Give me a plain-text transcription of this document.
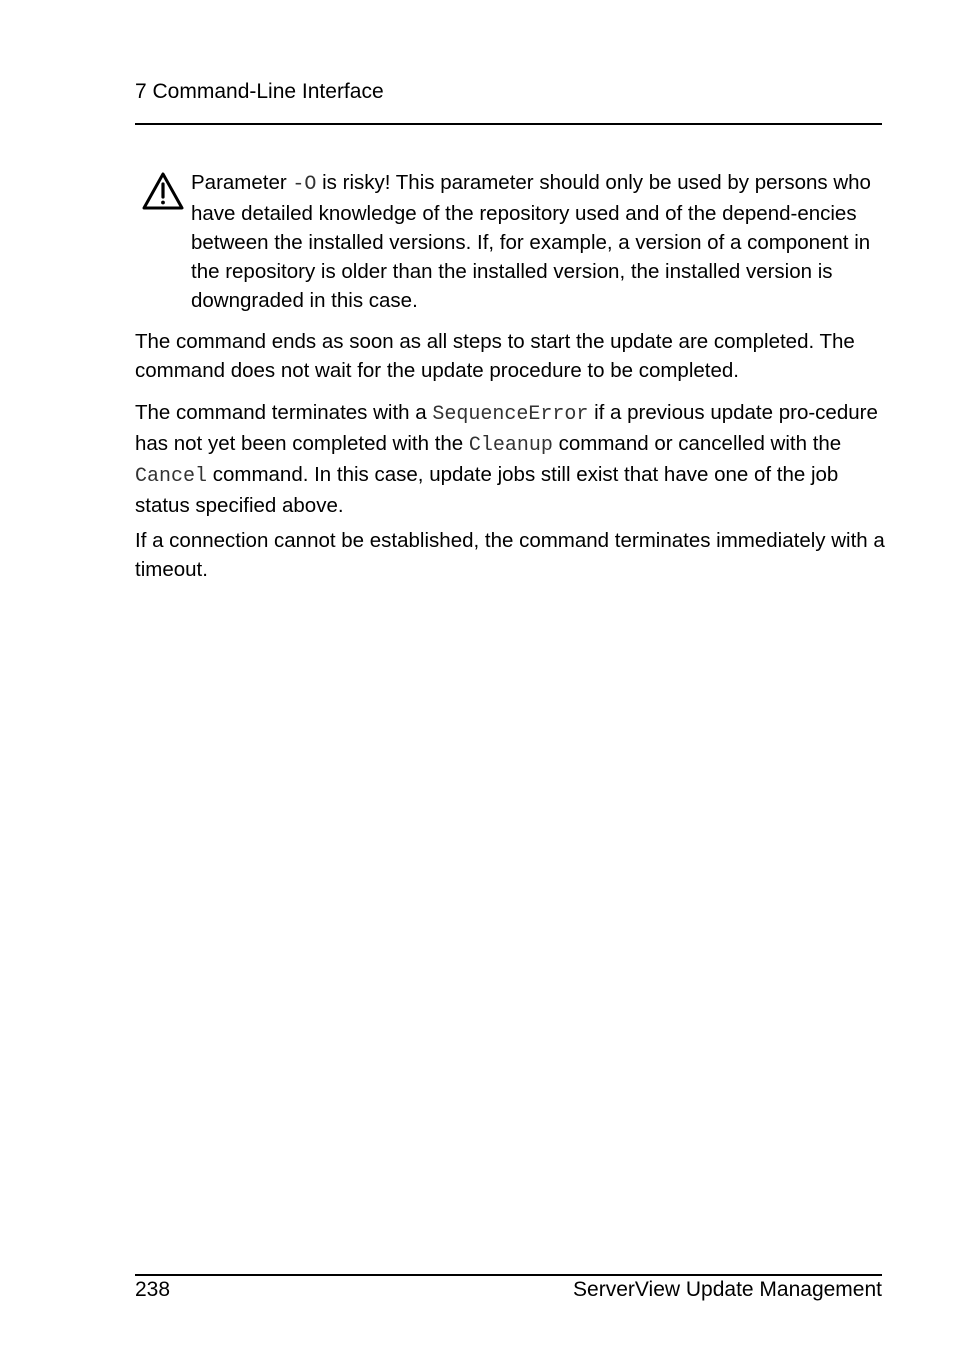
7 Command-Line Interface
Parameter -O is risky! This parameter should only be used by persons who have detailed knowledge of the repository used and of the depend-encies between the installed versions. If, for example, a version of a component in the repository is older than the installed version, the installed version is downgraded in this case.

The command ends as soon as all steps to start the update are completed. The command does not wait for the update procedure to be completed.

The command terminates with a SequenceError if a previous update pro-cedure has not yet been completed with the Cleanup command or cancelled with the Cancel command. In this case, update jobs still exist that have one of the job status specified above.

If a connection cannot be established, the command terminates immediately with a timeout.

238	ServerView Update Management
